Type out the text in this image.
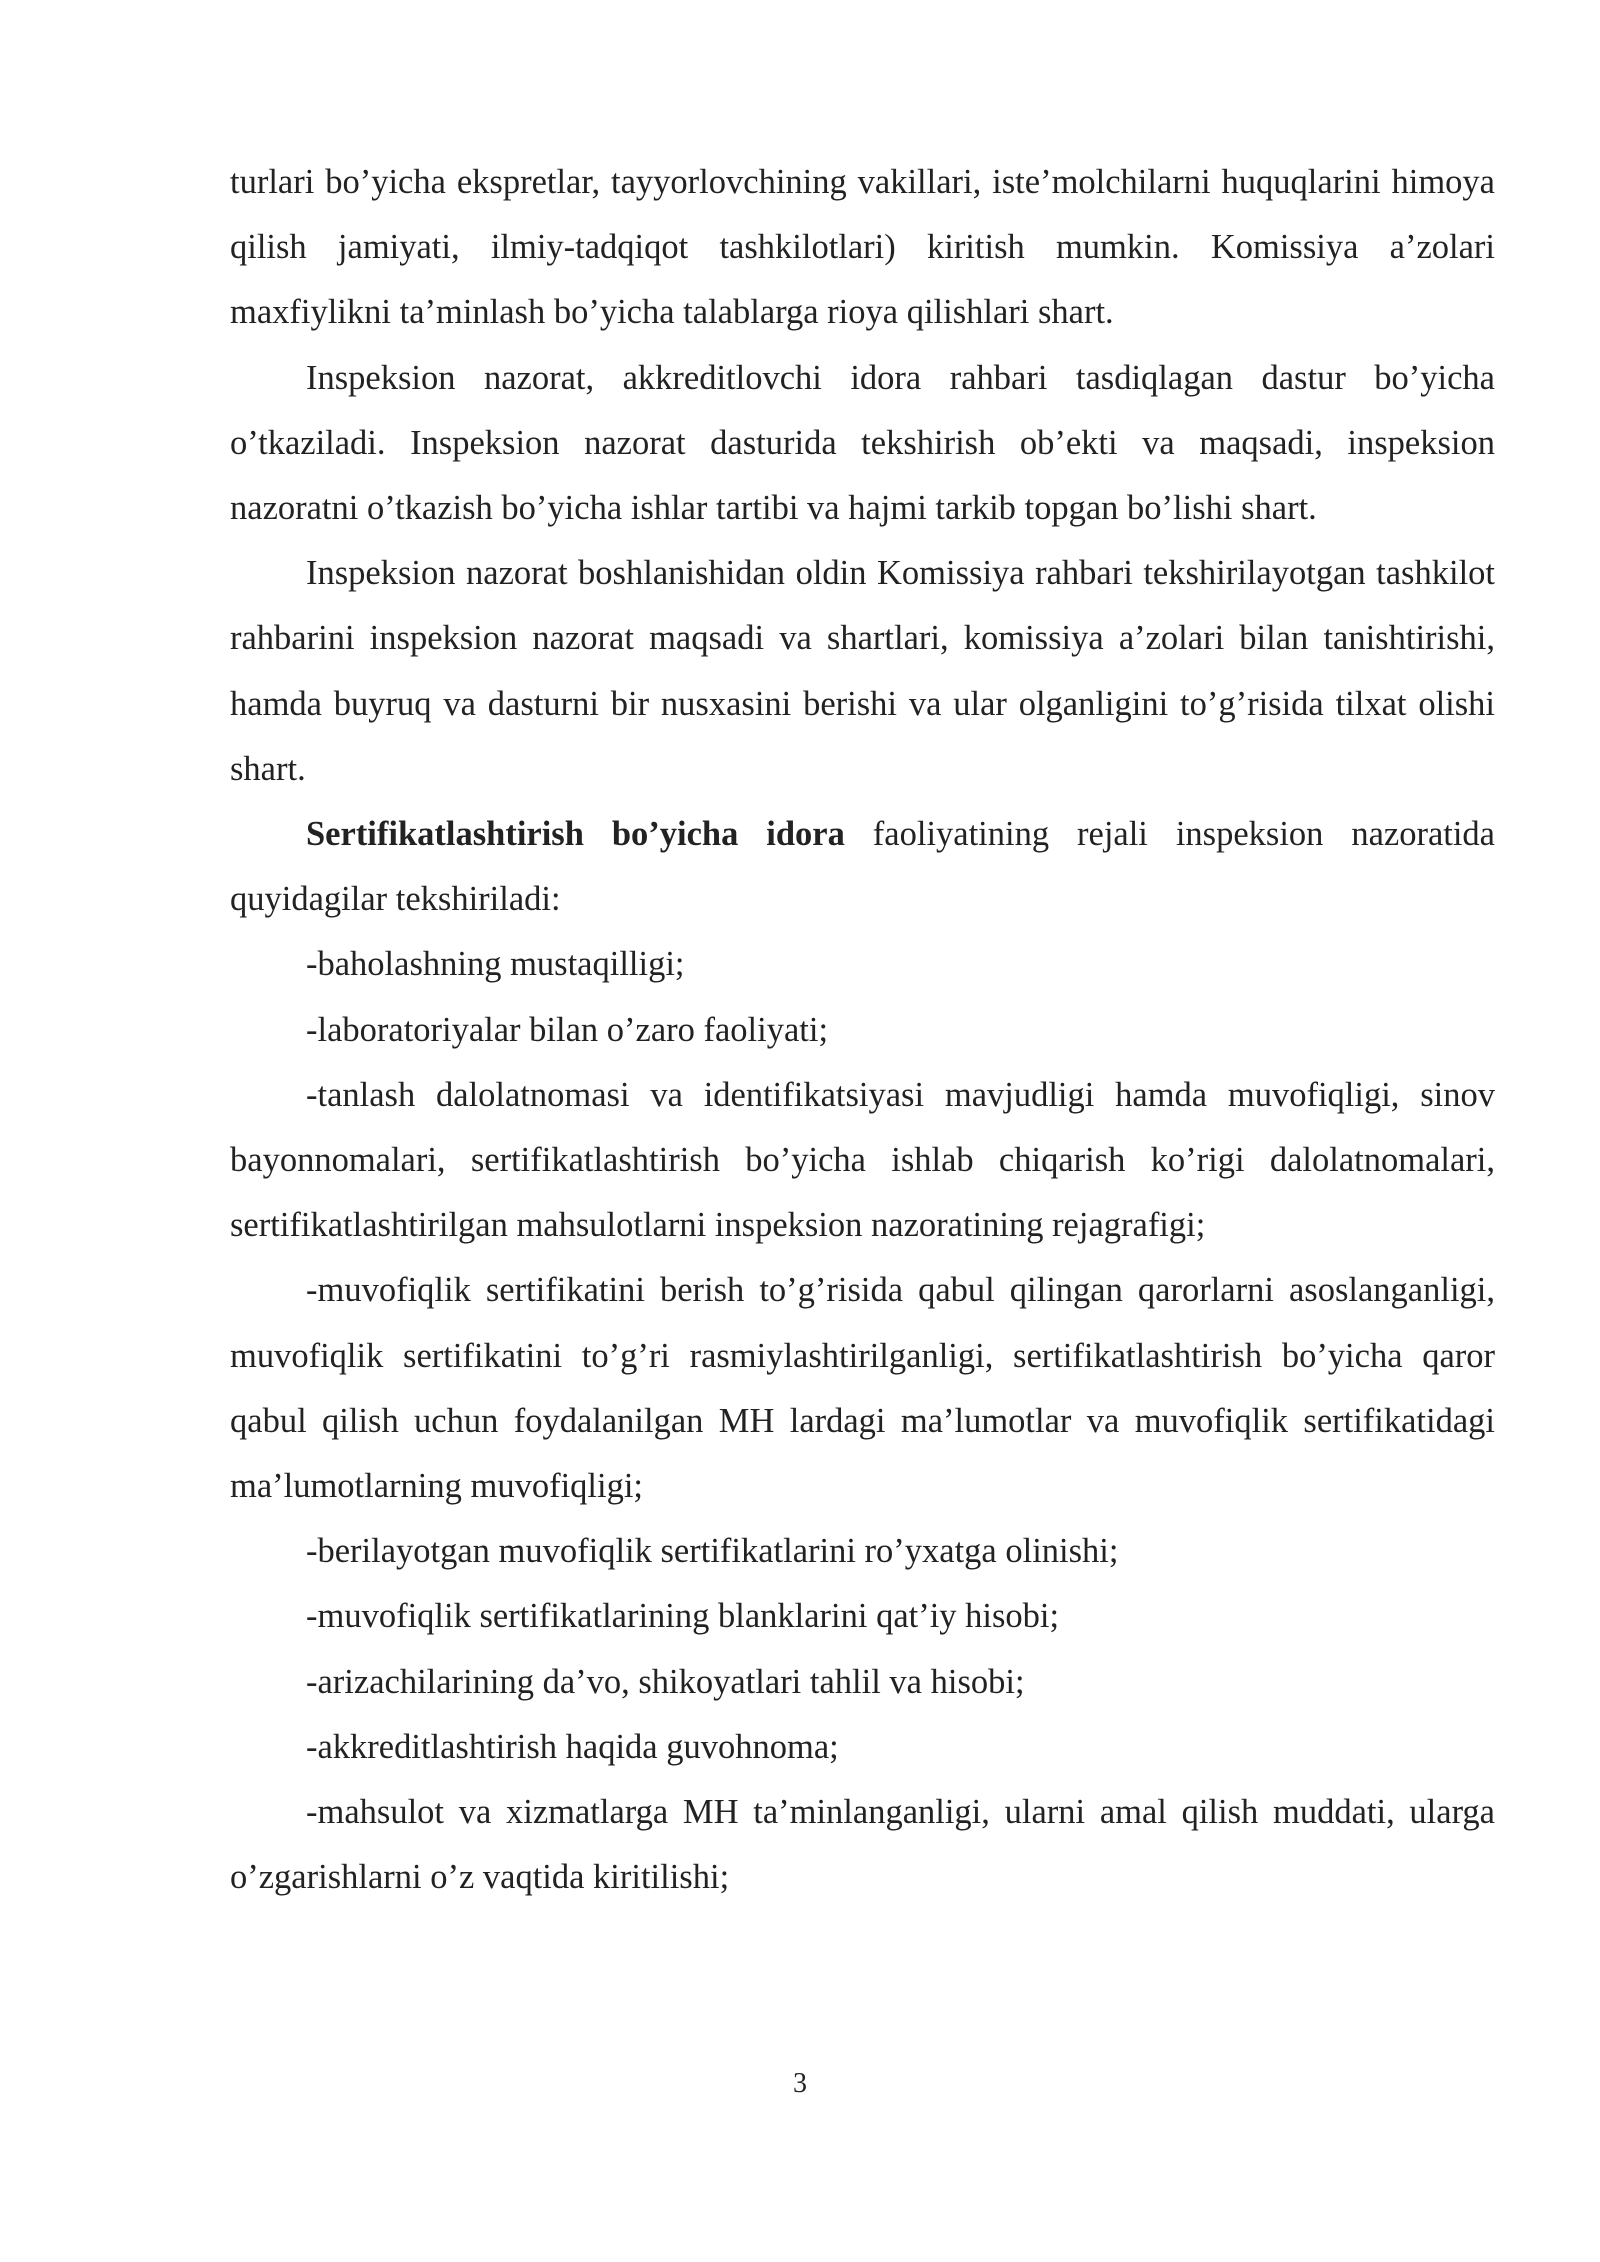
turlari bo’yicha ekspretlar, tayyorlovchining vakillari, iste’molchilarni huquqlarini himoya qilish jamiyati, ilmiy-tadqiqot tashkilotlari) kiritish mumkin. Komissiya a’zolari maxfiylikni ta’minlash bo’yicha talablarga rioya qilishlari shart.

Inspeksion nazorat, akkreditlovchi idora rahbari tasdiqlagan dastur bo’yicha o’tkaziladi. Inspeksion nazorat dasturida tekshirish ob’ekti va maqsadi, inspeksion nazoratni o’tkazish bo’yicha ishlar tartibi va hajmi tarkib topgan bo’lishi shart.

Inspeksion nazorat boshlanishidan oldin Komissiya rahbari tekshirilayotgan tashkilot rahbarini inspeksion nazorat maqsadi va shartlari, komissiya a’zolari bilan tanishtirishi, hamda buyruq va dasturni bir nusxasini berishi va ular olganligini to’g’risida tilxat olishi shart.

Sertifikatlashtirish bo’yicha idora faoliyatining rejali inspeksion nazoratida quyidagilar tekshiriladi:

-baholashning mustaqilligi;

-laboratoriyalar bilan o’zaro faoliyati;

-tanlash dalolatnomasi va identifikatsiyasi mavjudligi hamda muvofiqligi, sinov bayonnomalari, sertifikatlashtirish bo’yicha ishlab chiqarish ko’rigi dalolatnomalari, sertifikatlashtirilgan mahsulotlarni inspeksion nazoratining rejagrafigi;

-muvofiqlik sertifikatini berish to’g’risida qabul qilingan qarorlarni asoslanganligi, muvofiqlik sertifikatini to’g’ri rasmiylashtirilganligi, sertifikatlashtirish bo’yicha qaror qabul qilish uchun foydalanilgan MH lardagi ma’lumotlar va muvofiqlik sertifikatidagi ma’lumotlarning muvofiqligi;

-berilayotgan muvofiqlik sertifikatlarini ro’yxatga olinishi;

-muvofiqlik sertifikatlarining blanklarini qat’iy hisobi;

-arizachilarining da’vo, shikoyatlari tahlil va hisobi;

-akkreditlashtirish haqida guvohnoma;

-mahsulot va xizmatlarga MH ta’minlanganligi, ularni amal qilish muddati, ularga o’zgarishlarni o’z vaqtida kiritilishi;

3
